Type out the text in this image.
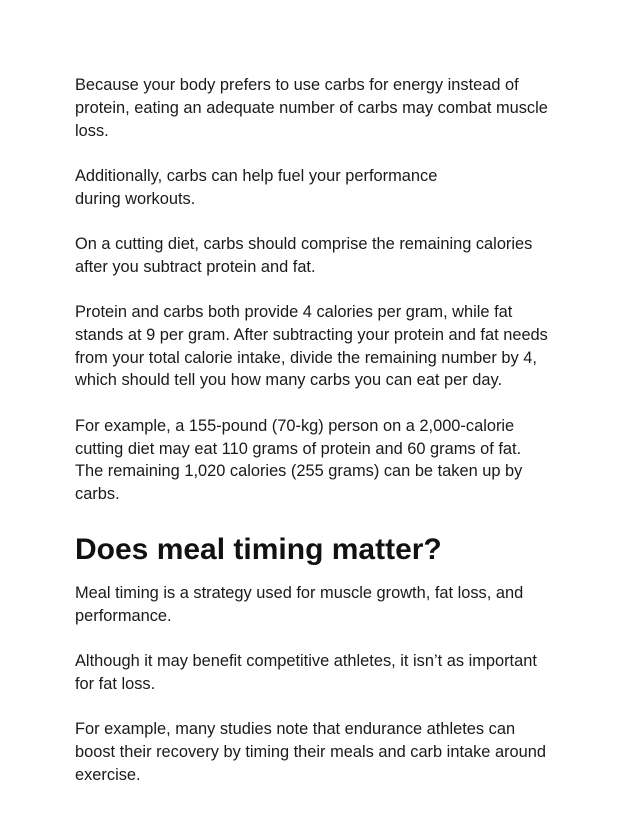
Because your body prefers to use carbs for energy instead of
protein, eating an adequate number of carbs may combat muscle
loss.

Additionally, carbs can help fuel your performance
during workouts.

On a cutting diet, carbs should comprise the remaining calories
after you subtract protein and fat.

Protein and carbs both provide 4 calories per gram, while fat
stands at 9 per gram. After subtracting your protein and fat needs
from your total calorie intake, divide the remaining number by 4,
which should tell you how many carbs you can eat per day.

For example, a 155-pound (70-kg) person on a 2,000-calorie
cutting diet may eat 110 grams of protein and 60 grams of fat.
The remaining 1,020 calories (255 grams) can be taken up by
carbs.

Does meal timing matter?

Meal timing is a strategy used for muscle growth, fat loss, and
performance.

Although it may benefit competitive athletes, it isn’t as important
for fat loss.

For example, many studies note that endurance athletes can
boost their recovery by timing their meals and carb intake around
exercise.
